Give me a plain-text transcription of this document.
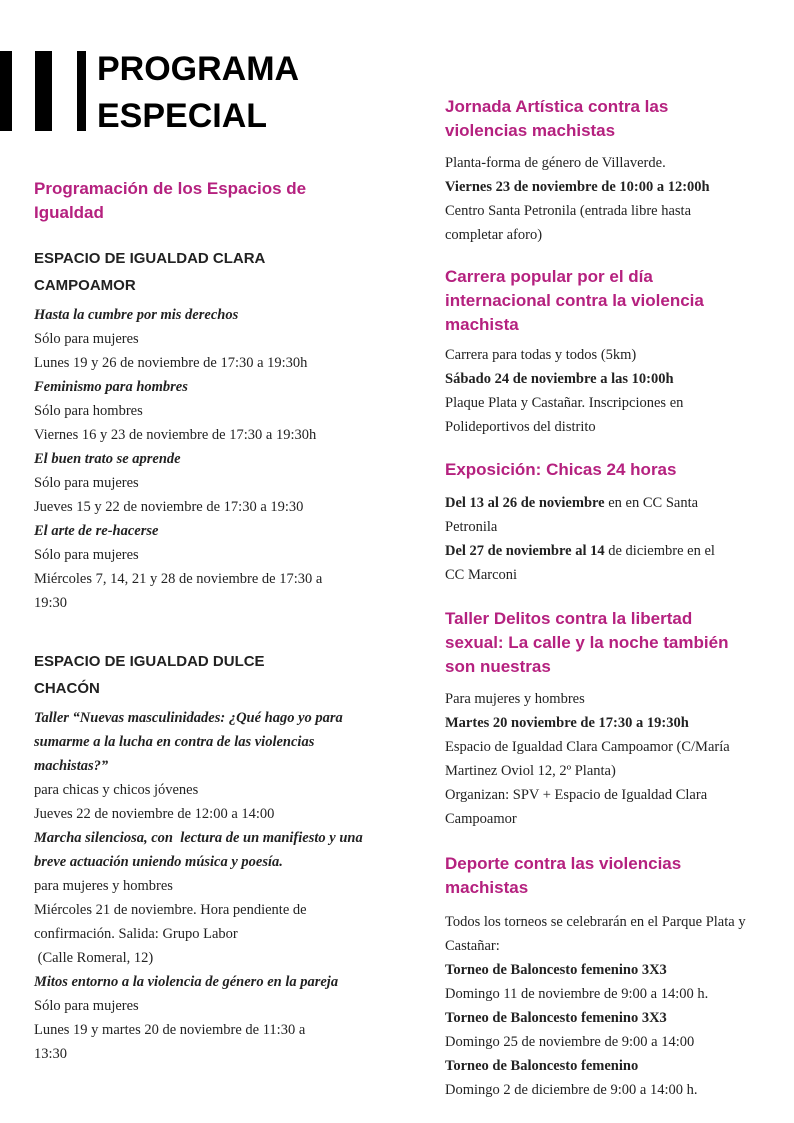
PROGRAMA
ESPECIAL
Programación de los Espacios de
Igualdad
ESPACIO DE IGUALDAD CLARA
CAMPOAMOR
Hasta la cumbre por mis derechos
Sólo para mujeres
Lunes 19 y 26 de noviembre de 17:30 a 19:30h
Feminismo para hombres
Sólo para hombres
Viernes 16 y 23 de noviembre de 17:30 a 19:30h
El buen trato se aprende
Sólo para mujeres
Jueves 15 y 22 de noviembre de 17:30 a 19:30
El arte de re-hacerse
Sólo para mujeres
Miércoles 7, 14, 21 y 28 de noviembre de 17:30 a
19:30
ESPACIO DE IGUALDAD DULCE
CHACÓN
Taller “Nuevas masculinidades: ¿Qué hago yo para
sumarme a la lucha en contra de las violencias
machistas?”
para chicas y chicos jóvenes
Jueves 22 de noviembre de 12:00 a 14:00
Marcha silenciosa, con  lectura de un manifiesto y una
breve actuación uniendo música y poesía.
para mujeres y hombres
Miércoles 21 de noviembre. Hora pendiente de
confirmación. Salida: Grupo Labor
(Calle Romeral, 12)
Mitos entorno a la violencia de género en la pareja
Sólo para mujeres
Lunes 19 y martes 20 de noviembre de 11:30 a
13:30
Jornada Artística contra las
violencias machistas
Planta-forma de género de Villaverde.
Viernes 23 de noviembre de 10:00 a 12:00h
Centro Santa Petronila (entrada libre hasta
completar aforo)
Carrera popular por el día
internacional contra la violencia
machista
Carrera para todas y todos (5km)
Sábado 24 de noviembre a las 10:00h
Plaque Plata y Castañar. Inscripciones en
Polideportivos del distrito
Exposición: Chicas 24 horas
Del 13 al 26 de noviembre en en CC Santa
Petronila
Del 27 de noviembre al 14 de diciembre en el
CC Marconi
Taller Delitos contra la libertad
sexual: La calle y la noche también
son nuestras
Para mujeres y hombres
Martes 20 noviembre de 17:30 a 19:30h
Espacio de Igualdad Clara Campoamor (C/María
Martinez Oviol 12, 2º Planta)
Organizan: SPV + Espacio de Igualdad Clara
Campoamor
Deporte contra las violencias
machistas
Todos los torneos se celebrarán en el Parque Plata y
Castañar:
Torneo de Baloncesto femenino 3X3
Domingo 11 de noviembre de 9:00 a 14:00 h.
Torneo de Baloncesto femenino 3X3
Domingo 25 de noviembre de 9:00 a 14:00
Torneo de Baloncesto femenino
Domingo 2 de diciembre de 9:00 a 14:00 h.
